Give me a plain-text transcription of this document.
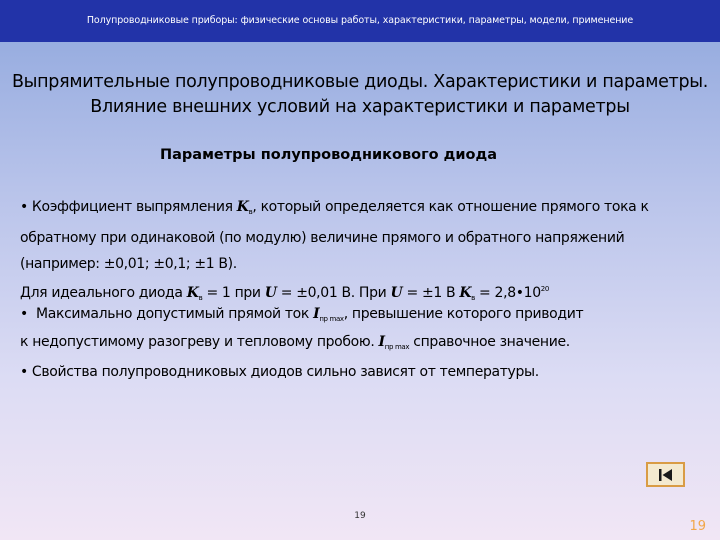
Полупроводниковые приборы: физические основы работы, характеристики, параметры, модели, применение
Выпрямительные полупроводниковые диоды. Характеристики и параметры.
Влияние внешних условий на характеристики и параметры
Параметры полупроводникового диода
• Коэффициент выпрямления $K_в$, который определяется как отношение прямого тока к
обратному при одинаковой (по модулю) величине прямого и обратного напряжений
(например: ±0,01; ±0,1; ±1 В).
Для идеального диода $K_в = 1$ при U = ±0,01 В. При U = ±1 В $K_в$ = $2,8•10^{20}$
• Максимально допустимый прямой ток $I_{пр max}$, превышение которого приводит
к недопустимому разогреву и тепловому пробою. $I_{пр max}$ справочное значение.
• Свойства полупроводниковых диодов сильно зависят от температуры.
19
19
